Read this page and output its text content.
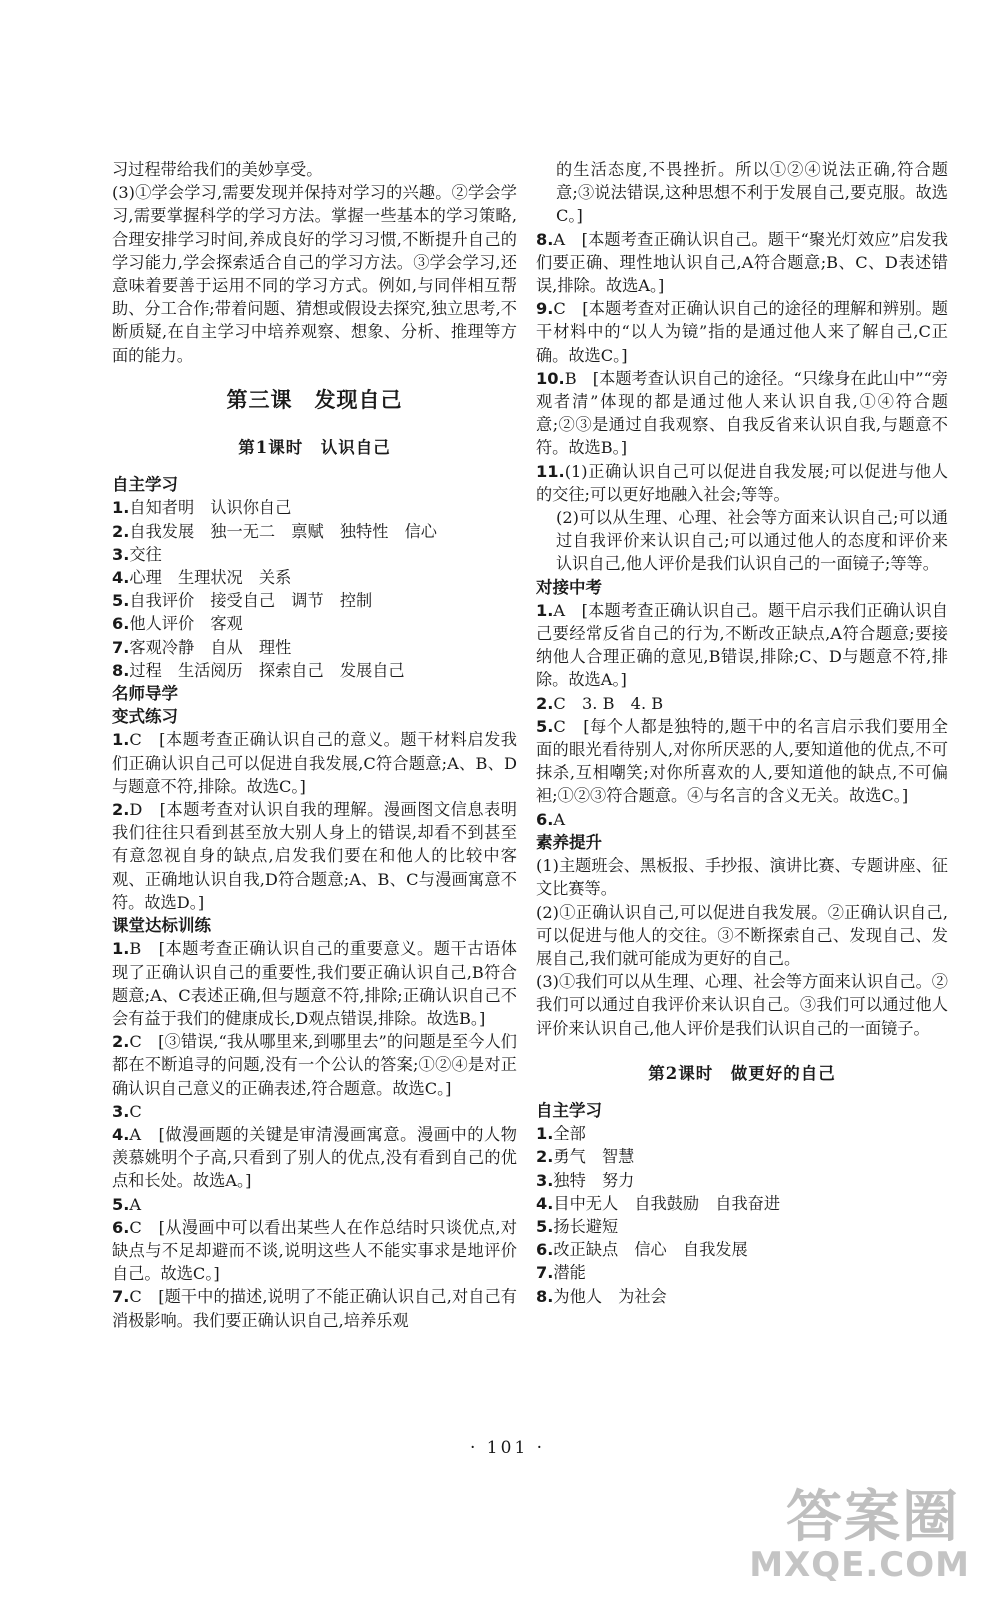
习过程带给我们的美妙享受。

(3)①学会学习,需要发现并保持对学习的兴趣。②学会学习,需要掌握科学的学习方法。掌握一些基本的学习策略,合理安排学习时间,养成良好的学习习惯,不断提升自己的学习能力,学会探索适合自己的学习方法。③学会学习,还意味着要善于运用不同的学习方式。例如,与同伴相互帮助、分工合作;带着问题、猜想或假设去探究,独立思考,不断质疑,在自主学习中培养观察、想象、分析、推理等方面的能力。

第三课　发现自己
第1课时　认识自己

自主学习

1.自知者明　认识你自己

2.自我发展　独一无二　禀赋　独特性　信心

3.交往

4.心理　生理状况　关系

5.自我评价　接受自己　调节　控制

6.他人评价　客观

7.客观冷静　自从　理性

8.过程　生活阅历　探索自己　发展自己

名师导学

变式练习

1.C　[本题考查正确认识自己的意义。题干材料启发我们正确认识自己可以促进自我发展,C符合题意;A、B、D与题意不符,排除。故选C。]

2.D　[本题考查对认识自我的理解。漫画图文信息表明我们往往只看到甚至放大别人身上的错误,却看不到甚至有意忽视自身的缺点,启发我们要在和他人的比较中客观、正确地认识自我,D符合题意;A、B、C与漫画寓意不符。故选D。]

课堂达标训练

1.B　[本题考查正确认识自己的重要意义。题干古语体现了正确认识自己的重要性,我们要正确认识自己,B符合题意;A、C表述正确,但与题意不符,排除;正确认识自己不会有益于我们的健康成长,D观点错误,排除。故选B。]

2.C　[③错误,“我从哪里来,到哪里去”的问题是至今人们都在不断追寻的问题,没有一个公认的答案;①②④是对正确认识自己意义的正确表述,符合题意。故选C。]

3.C

4.A　[做漫画题的关键是审清漫画寓意。漫画中的人物羡慕姚明个子高,只看到了别人的优点,没有看到自己的优点和长处。故选A。]

5.A

6.C　[从漫画中可以看出某些人在作总结时只谈优点,对缺点与不足却避而不谈,说明这些人不能实事求是地评价自己。故选C。]

7.C　[题干中的描述,说明了不能正确认识自己,对自己有消极影响。我们要正确认识自己,培养乐观

的生活态度,不畏挫折。所以①②④说法正确,符合题意;③说法错误,这种思想不利于发展自己,要克服。故选C。]

8.A　[本题考查正确认识自己。题干“聚光灯效应”启发我们要正确、理性地认识自己,A符合题意;B、C、D表述错误,排除。故选A。]

9.C　[本题考查对正确认识自己的途径的理解和辨别。题干材料中的“以人为镜”指的是通过他人来了解自己,C正确。故选C。]

10.B　[本题考查认识自己的途径。“只缘身在此山中”“旁观者清”体现的都是通过他人来认识自我,①④符合题意;②③是通过自我观察、自我反省来认识自我,与题意不符。故选B。]

11.(1)正确认识自己可以促进自我发展;可以促进与他人的交往;可以更好地融入社会;等等。

(2)可以从生理、心理、社会等方面来认识自己;可以通过自我评价来认识自己;可以通过他人的态度和评价来认识自己,他人评价是我们认识自己的一面镜子;等等。

对接中考

1.A　[本题考查正确认识自己。题干启示我们正确认识自己要经常反省自己的行为,不断改正缺点,A符合题意;要接纳他人合理正确的意见,B错误,排除;C、D与题意不符,排除。故选A。]

2.C　3. B　4. B

5.C　[每个人都是独特的,题干中的名言启示我们要用全面的眼光看待别人,对你所厌恶的人,要知道他的优点,不可抹杀,互相嘲笑;对你所喜欢的人,要知道他的缺点,不可偏袒;①②③符合题意。④与名言的含义无关。故选C。]

6.A

素养提升

(1)主题班会、黑板报、手抄报、演讲比赛、专题讲座、征文比赛等。

(2)①正确认识自己,可以促进自我发展。②正确认识自己,可以促进与他人的交往。③不断探索自己、发现自己、发展自己,我们就可能成为更好的自己。

(3)①我们可以从生理、心理、社会等方面来认识自己。②我们可以通过自我评价来认识自己。③我们可以通过他人评价来认识自己,他人评价是我们认识自己的一面镜子。

第2课时　做更好的自己

自主学习

1.全部

2.勇气　智慧

3.独特　努力

4.目中无人　自我鼓励　自我奋进

5.扬长避短

6.改正缺点　信心　自我发展

7.潜能

8.为他人　为社会

· 101 ·
答案圈
MXQE.COM
